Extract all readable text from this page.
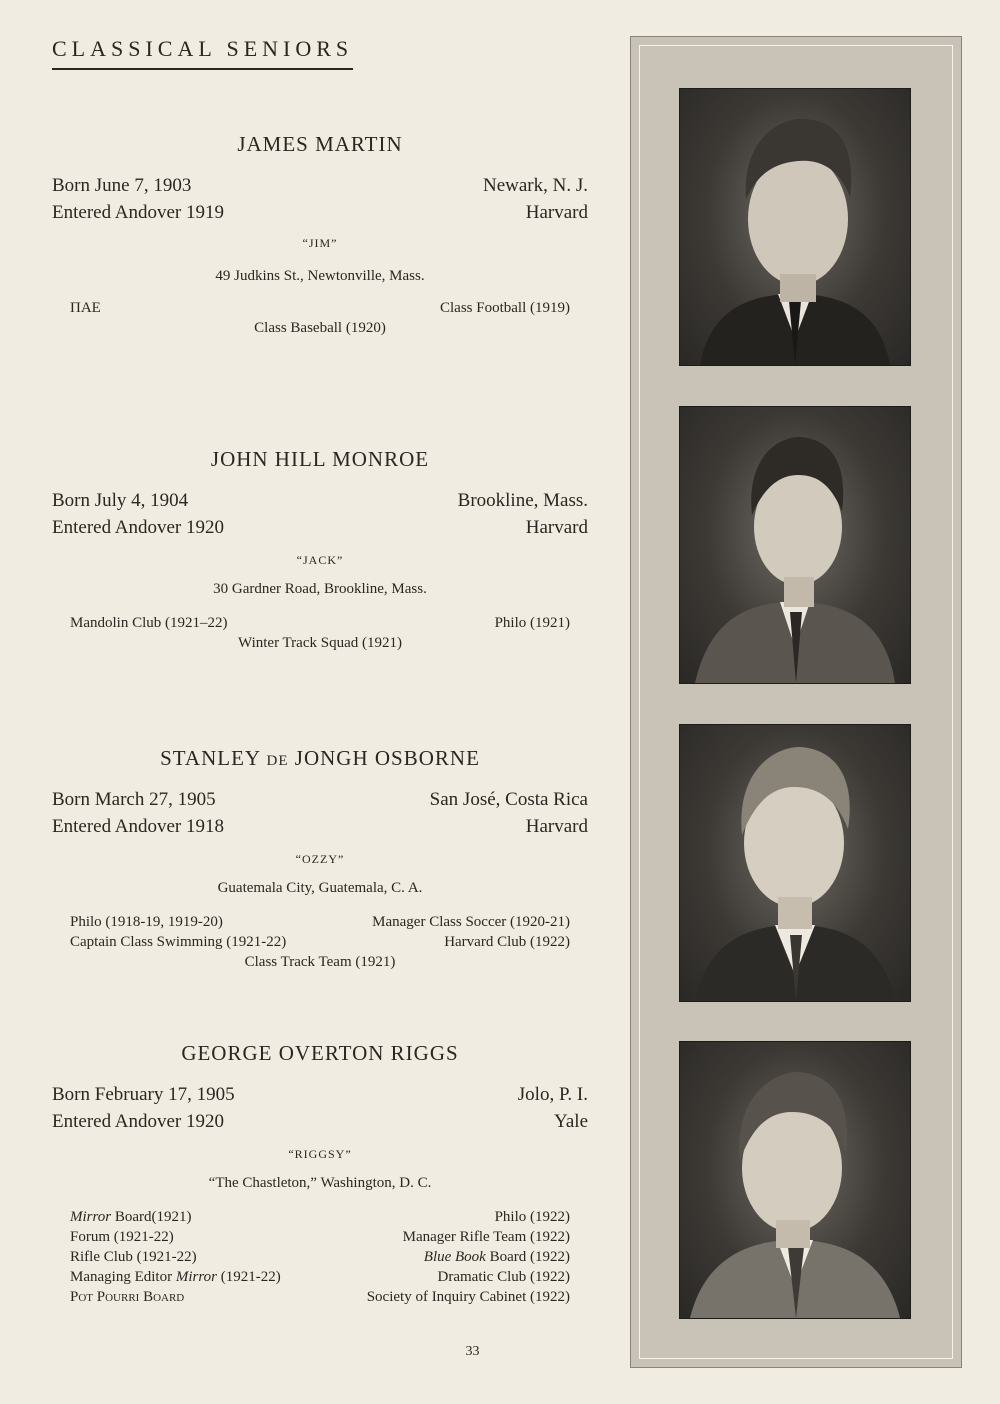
CLASSICAL SENIORS
JAMES MARTIN
Born June 7, 1903	Newark, N. J.
Entered Andover 1919	Harvard
“JIM”
49 Judkins St., Newtonville, Mass.
ΠΑΕ	Class Football (1919)
Class Baseball (1920)
JOHN HILL MONROE
Born July 4, 1904	Brookline, Mass.
Entered Andover 1920	Harvard
“JACK”
30 Gardner Road, Brookline, Mass.
Mandolin Club (1921–22)	Philo (1921)
Winter Track Squad (1921)
STANLEY DE JONGH OSBORNE
Born March 27, 1905	San José, Costa Rica
Entered Andover 1918	Harvard
“OZZY”
Guatemala City, Guatemala, C. A.
Philo (1918-19, 1919-20)	Manager Class Soccer (1920-21)
Captain Class Swimming (1921-22)	Harvard Club (1922)
Class Track Team (1921)
GEORGE OVERTON RIGGS
Born February 17, 1905	Jolo, P. I.
Entered Andover 1920	Yale
“RIGGSY”
“The Chastleton,” Washington, D. C.
Mirror Board(1921)	Philo (1922)
Forum (1921-22)	Manager Rifle Team (1922)
Rifle Club (1921-22)	Blue Book Board (1922)
Managing Editor Mirror (1921-22)	Dramatic Club (1922)
Pot Pourri Board	Society of Inquiry Cabinet (1922)
33
